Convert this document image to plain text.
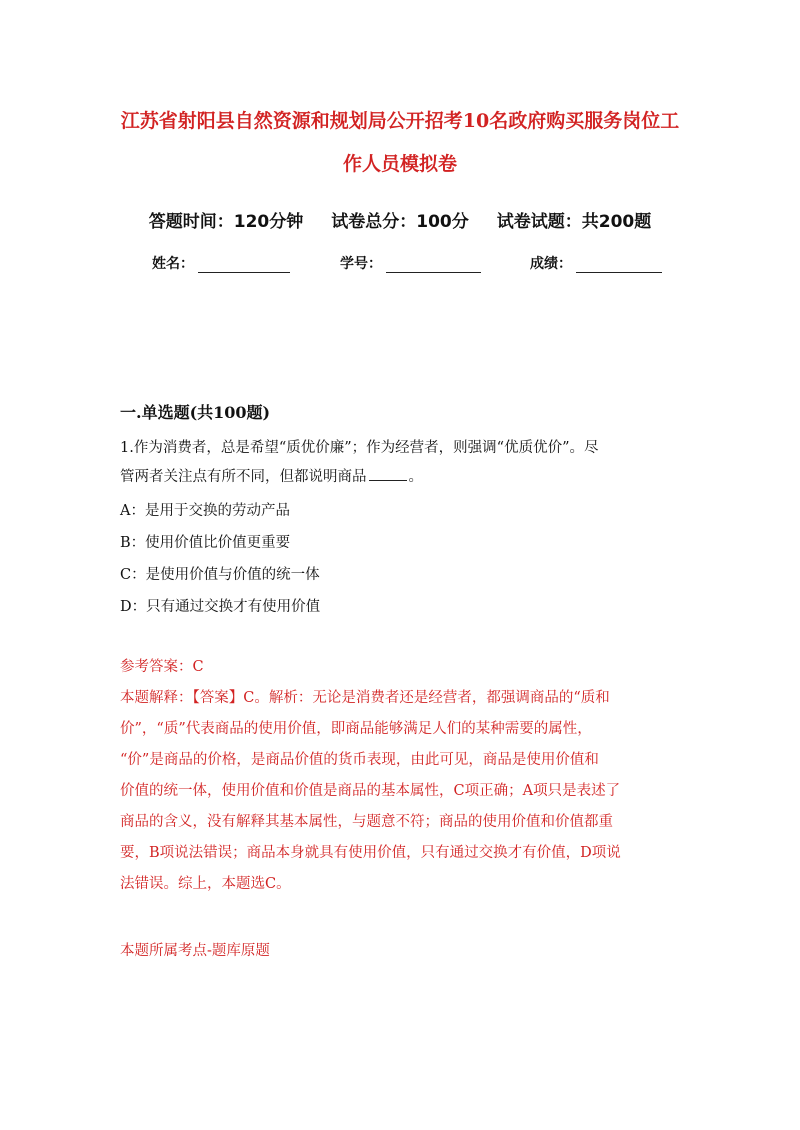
江苏省射阳县自然资源和规划局公开招考10名政府购买服务岗位工
作人员模拟卷
答题时间：120分钟 试卷总分：100分 试卷试题：共200题
姓名：	学号：	成绩：
一.单选题(共100题)
1.作为消费者，总是希望“质优价廉”；作为经营者，则强调“优质优价”。尽
管两者关注点有所不同，但都说明商品	。
A：是用于交换的劳动产品
B：使用价值比价值更重要
C：是使用价值与价值的统一体
D：只有通过交换才有使用价值
参考答案：C
本题解释：【答案】C。解析：无论是消费者还是经营者，都强调商品的“质和
价”，“质”代表商品的使用价值，即商品能够满足人们的某种需要的属性，
“价”是商品的价格，是商品价值的货币表现，由此可见，商品是使用价值和
价值的统一体，使用价值和价值是商品的基本属性，C项正确；A项只是表述了
商品的含义，没有解释其基本属性，与题意不符；商品的使用价值和价值都重
要，B项说法错误；商品本身就具有使用价值，只有通过交换才有价值，D项说
法错误。综上，本题选C。
本题所属考点-题库原题
